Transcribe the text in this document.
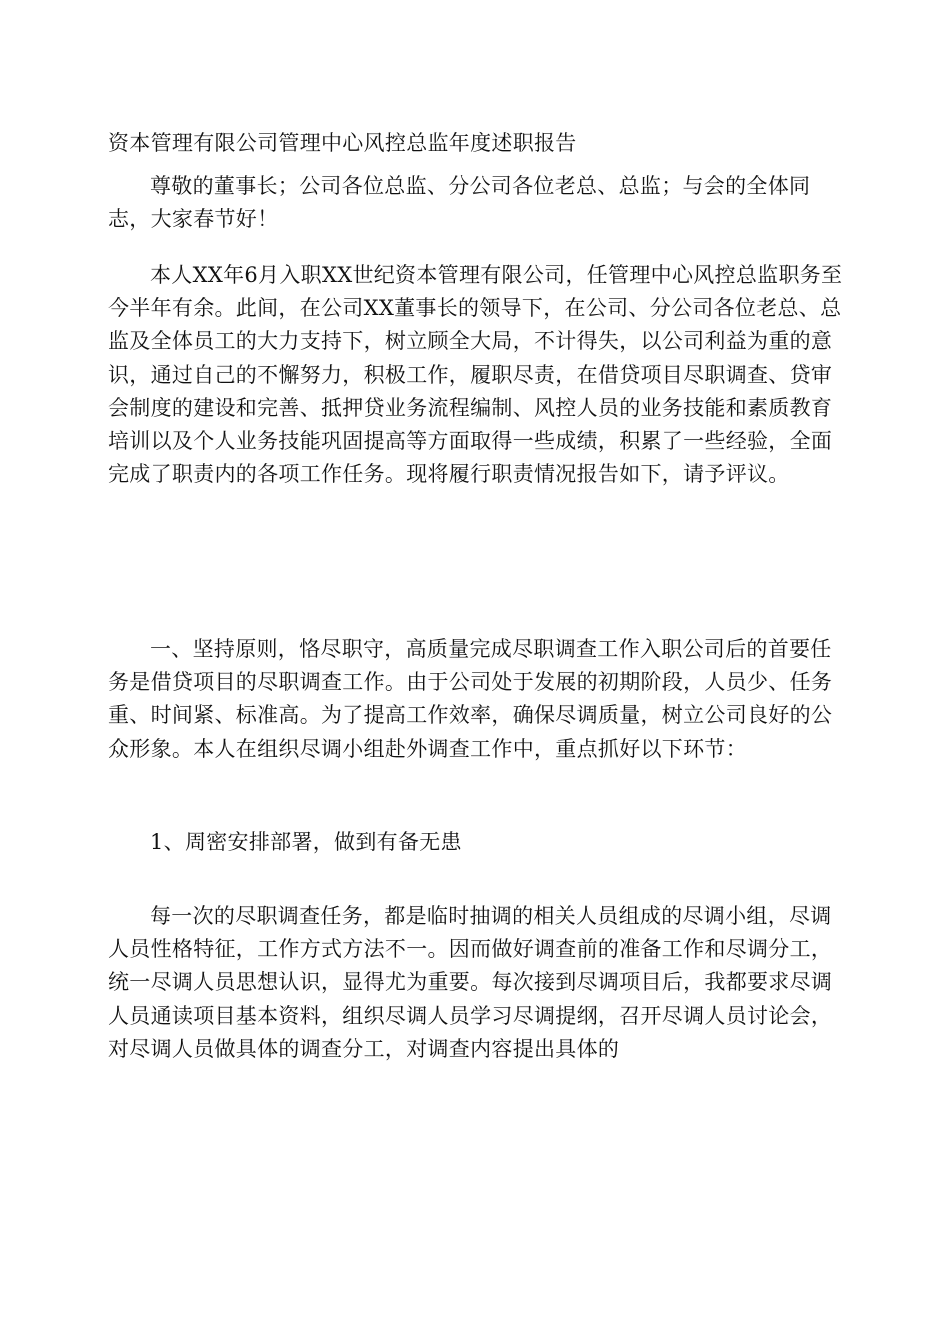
资本管理有限公司管理中心风控总监年度述职报告

尊敬的董事长；公司各位总监、分公司各位老总、总监；与会的全体同志，大家春节好！

本人XX年6月入职XX世纪资本管理有限公司，任管理中心风控总监职务至今半年有余。此间，在公司XX董事长的领导下，在公司、分公司各位老总、总监及全体员工的大力支持下，树立顾全大局，不计得失，以公司利益为重的意识，通过自己的不懈努力，积极工作，履职尽责，在借贷项目尽职调查、贷审会制度的建设和完善、抵押贷业务流程编制、风控人员的业务技能和素质教育培训以及个人业务技能巩固提高等方面取得一些成绩，积累了一些经验，全面完成了职责内的各项工作任务。现将履行职责情况报告如下，请予评议。

一、坚持原则，恪尽职守，高质量完成尽职调查工作入职公司后的首要任务是借贷项目的尽职调查工作。由于公司处于发展的初期阶段，人员少、任务重、时间紧、标准高。为了提高工作效率，确保尽调质量，树立公司良好的公众形象。本人在组织尽调小组赴外调查工作中，重点抓好以下环节：

1、周密安排部署，做到有备无患

每一次的尽职调查任务，都是临时抽调的相关人员组成的尽调小组，尽调人员性格特征，工作方式方法不一。因而做好调查前的准备工作和尽调分工，统一尽调人员思想认识，显得尤为重要。每次接到尽调项目后，我都要求尽调人员通读项目基本资料，组织尽调人员学习尽调提纲，召开尽调人员讨论会，对尽调人员做具体的调查分工，对调查内容提出具体的
